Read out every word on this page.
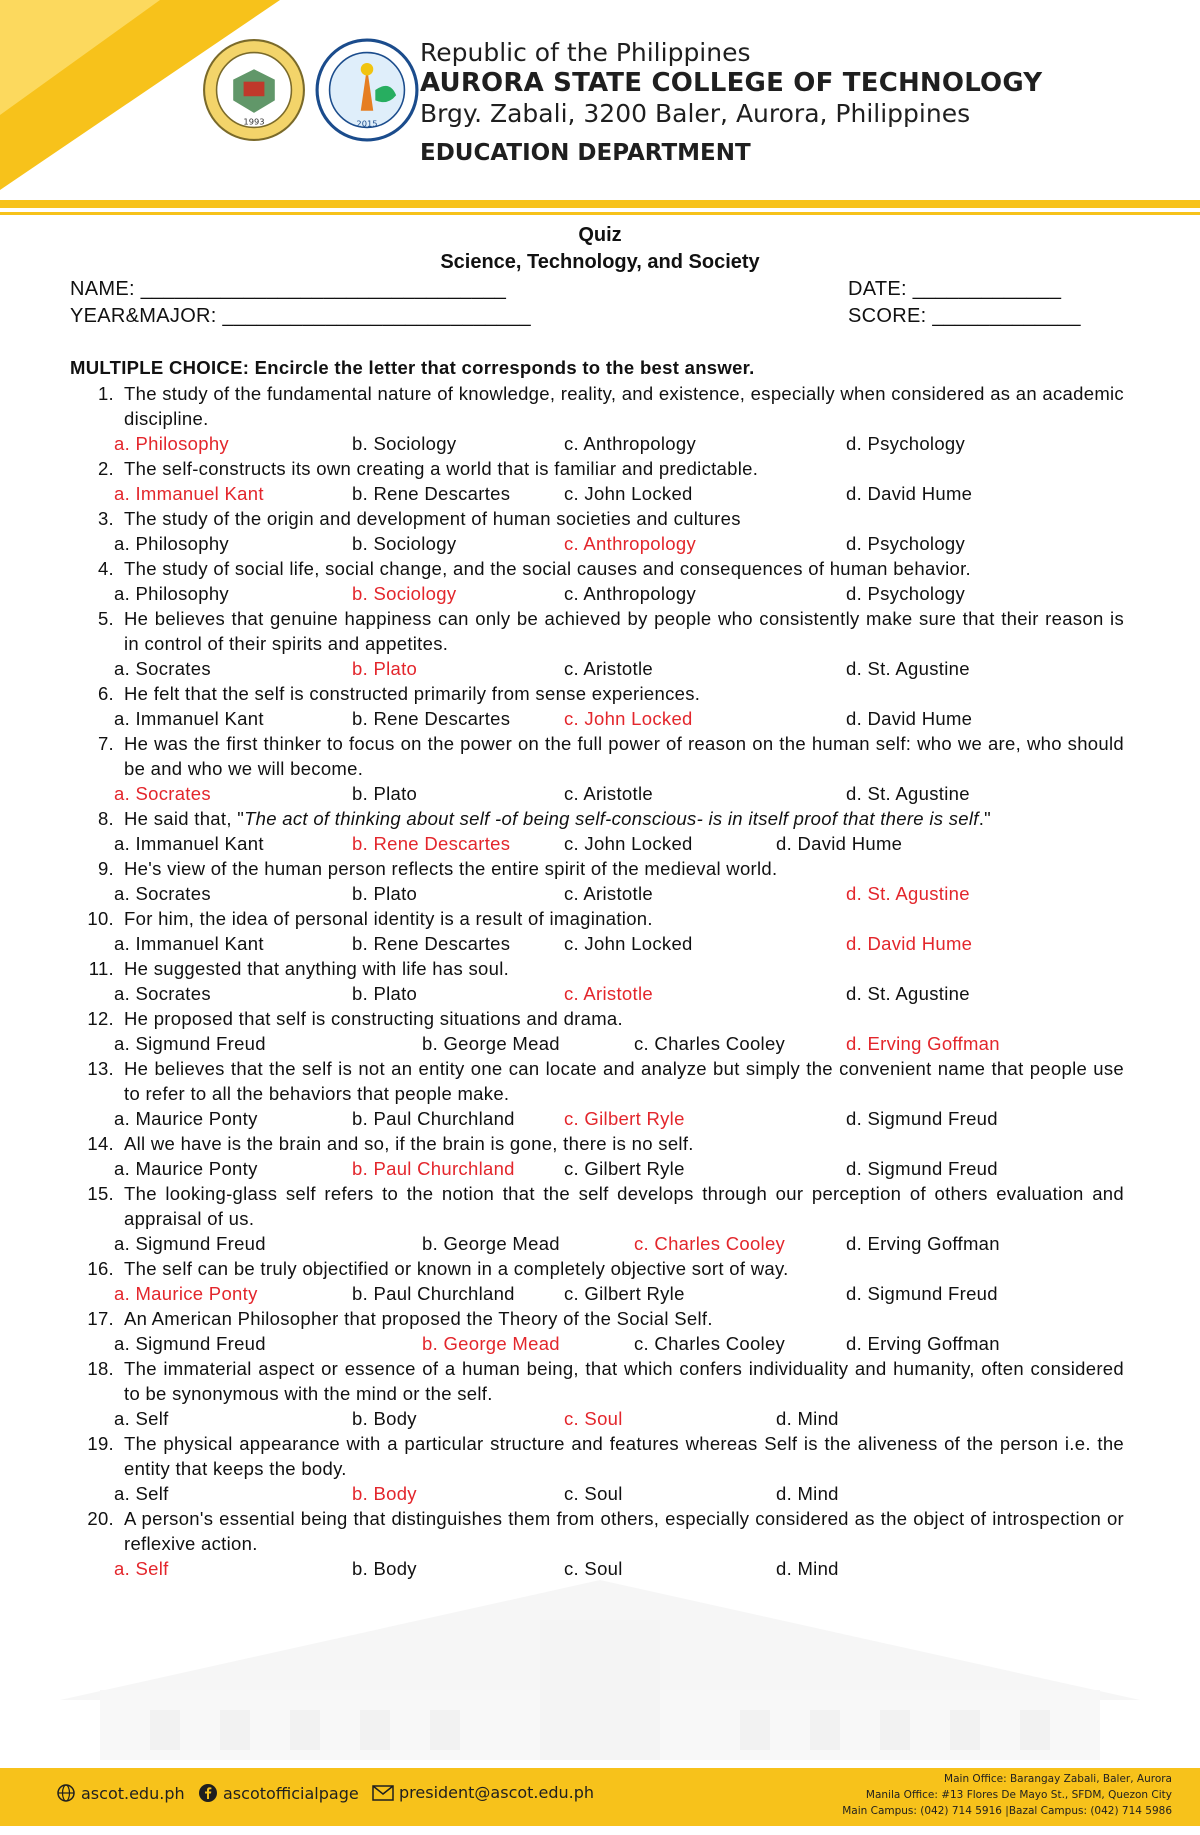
1993	2015
Republic of the Philippines
AURORA STATE COLLEGE OF TECHNOLOGY
Brgy. Zabali, 3200 Baler, Aurora, Philippines
EDUCATION DEPARTMENT
Quiz
Science, Technology, and Society
NAME: ________________________________
YEAR&MAJOR: ___________________________
DATE: _____________
SCORE: _____________
MULTIPLE CHOICE: Encircle the letter that corresponds to the best answer.
1. The study of the fundamental nature of knowledge, reality, and existence, especially when considered as an academic discipline.
a. Philosophy	b. Sociology	c. Anthropology	d. Psychology
2. The self-constructs its own creating a world that is familiar and predictable.
a. Immanuel Kant	b. Rene Descartes	c. John Locked	d. David Hume
3. The study of the origin and development of human societies and cultures
a. Philosophy	b. Sociology	c. Anthropology	d. Psychology
4. The study of social life, social change, and the social causes and consequences of human behavior.
a. Philosophy	b. Sociology	c. Anthropology	d. Psychology
5. He believes that genuine happiness can only be achieved by people who consistently make sure that their reason is in control of their spirits and appetites.
a. Socrates	b. Plato	c. Aristotle	d. St. Agustine
6. He felt that the self is constructed primarily from sense experiences.
a. Immanuel Kant	b. Rene Descartes	c. John Locked	d. David Hume
7. He was the first thinker to focus on the power on the full power of reason on the human self: who we are, who should be and who we will become.
a. Socrates	b. Plato	c. Aristotle	d. St. Agustine
8. He said that, "The act of thinking about self -of being self-conscious- is in itself proof that there is self."
a. Immanuel Kant	b. Rene Descartes	c. John Locked	d. David Hume
9. He's view of the human person reflects the entire spirit of the medieval world.
a. Socrates	b. Plato	c. Aristotle	d. St. Agustine
10. For him, the idea of personal identity is a result of imagination.
a. Immanuel Kant	b. Rene Descartes	c. John Locked	d. David Hume
11. He suggested that anything with life has soul.
a. Socrates	b. Plato	c. Aristotle	d. St. Agustine
12. He proposed that self is constructing situations and drama.
a. Sigmund Freud	b. George Mead	c. Charles Cooley	d. Erving Goffman
13. He believes that the self is not an entity one can locate and analyze but simply the convenient name that people use to refer to all the behaviors that people make.
a. Maurice Ponty	b. Paul Churchland	c. Gilbert Ryle	d. Sigmund Freud
14. All we have is the brain and so, if the brain is gone, there is no self.
a. Maurice Ponty	b. Paul Churchland	c. Gilbert Ryle	d. Sigmund Freud
15. The looking-glass self refers to the notion that the self develops through our perception of others evaluation and appraisal of us.
a. Sigmund Freud	b. George Mead	c. Charles Cooley	d. Erving Goffman
16. The self can be truly objectified or known in a completely objective sort of way.
a. Maurice Ponty	b. Paul Churchland	c. Gilbert Ryle	d. Sigmund Freud
17. An American Philosopher that proposed the Theory of the Social Self.
a. Sigmund Freud	b. George Mead	c. Charles Cooley	d. Erving Goffman
18. The immaterial aspect or essence of a human being, that which confers individuality and humanity, often considered to be synonymous with the mind or the self.
a. Self	b. Body	c. Soul	d. Mind
19. The physical appearance with a particular structure and features whereas Self is the aliveness of the person i.e. the entity that keeps the body.
a. Self	b. Body	c. Soul	d. Mind
20. A person's essential being that distinguishes them from others, especially considered as the object of introspection or reflexive action.
a. Self	b. Body	c. Soul	d. Mind
ascot.edu.ph ascotofficialpage	president@ascot.edu.ph
Main Office: Barangay Zabali, Baler, Aurora
Manila Office: #13 Flores De Mayo St., SFDM, Quezon City
Main Campus: (042) 714 5916 |Bazal Campus: (042) 714 5986
